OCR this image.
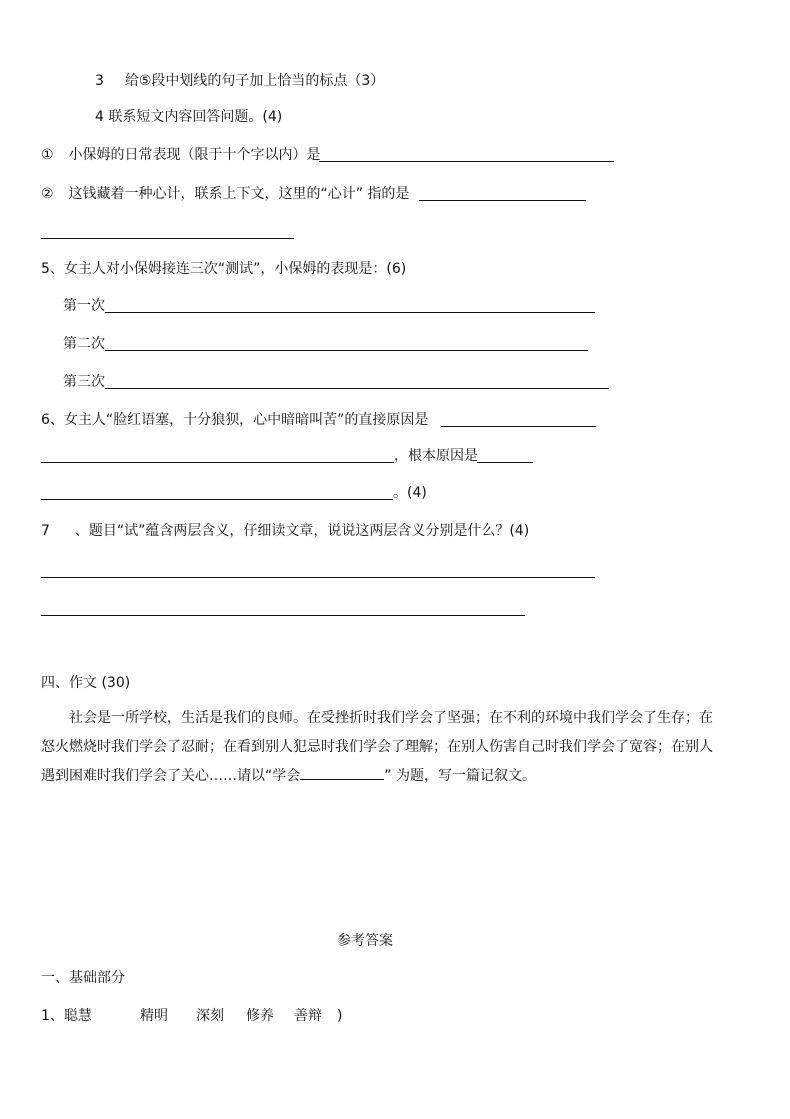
3 给⑤段中划线的句子加上恰当的标点（3）
4 联系短文内容回答问题。(4)
① 小保姆的日常表现（限于十个字以内）是
② 这钱藏着一种心计，联系上下文，这里的“心计” 指的是
5、女主人对小保姆接连三次“测试”，小保姆的表现是：(6)
第一次
第二次
第三次
6、女主人“脸红语塞，十分狼狈，心中暗暗叫苦”的直接原因是
，根本原因是
。(4)
7 、题目“试”蕴含两层含义，仔细读文章，说说这两层含义分别是什么？(4)
四、作文 (30)
社会是一所学校，生活是我们的良师。在受挫折时我们学会了坚强；在不利的环境中我们学会了生存；在
怒火燃烧时我们学会了忍耐；在看到别人犯忌时我们学会了理解；在别人伤害自己时我们学会了宽容；在别人
遇到困难时我们学会了关心……请以“学会	” 为题，写一篇记叙文。
参考答案
一、基础部分
1、聪慧	精明 深刻 修养 善辩 )
